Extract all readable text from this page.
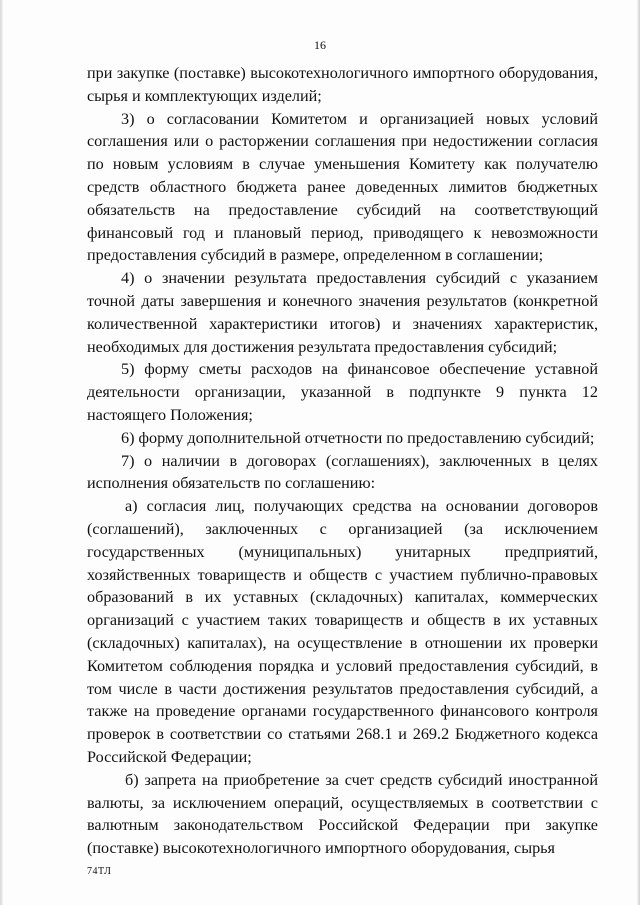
16

при закупке (поставке) высокотехнологичного импортного оборудования, сырья и комплектующих изделий;

3) о согласовании Комитетом и организацией новых условий соглашения или о расторжении соглашения при недостижении согласия по новым условиям в случае уменьшения Комитету как получателю средств областного бюджета ранее доведенных лимитов бюджетных обязательств на предоставление субсидий на соответствующий финансовый год и плановый период, приводящего к невозможности предоставления субсидий в размере, определенном в соглашении;

4) о значении результата предоставления субсидий с указанием точной даты завершения и конечного значения результатов (конкретной количественной характеристики итогов) и значениях характеристик, необходимых для достижения результата предоставления субсидий;

5) форму сметы расходов на финансовое обеспечение уставной деятельности организации, указанной в подпункте 9 пункта 12 настоящего Положения;

6) форму дополнительной отчетности по предоставлению субсидий;

7) о наличии в договорах (соглашениях), заключенных в целях исполнения обязательств по соглашению:

а) согласия лиц, получающих средства на основании договоров (соглашений), заключенных с организацией (за исключением государственных (муниципальных) унитарных предприятий, хозяйственных товариществ и обществ с участием публично-правовых образований в их уставных (складочных) капиталах, коммерческих организаций с участием таких товариществ и обществ в их уставных (складочных) капиталах), на осуществление в отношении их проверки Комитетом соблюдения порядка и условий предоставления субсидий, в том числе в части достижения результатов предоставления субсидий, а также на проведение органами государственного финансового контроля проверок в соответствии со статьями 268.1 и 269.2 Бюджетного кодекса Российской Федерации;

б) запрета на приобретение за счет средств субсидий иностранной валюты, за исключением операций, осуществляемых в соответствии с валютным законодательством Российской Федерации при закупке (поставке) высокотехнологичного импортного оборудования, сырья

74ТЛ
